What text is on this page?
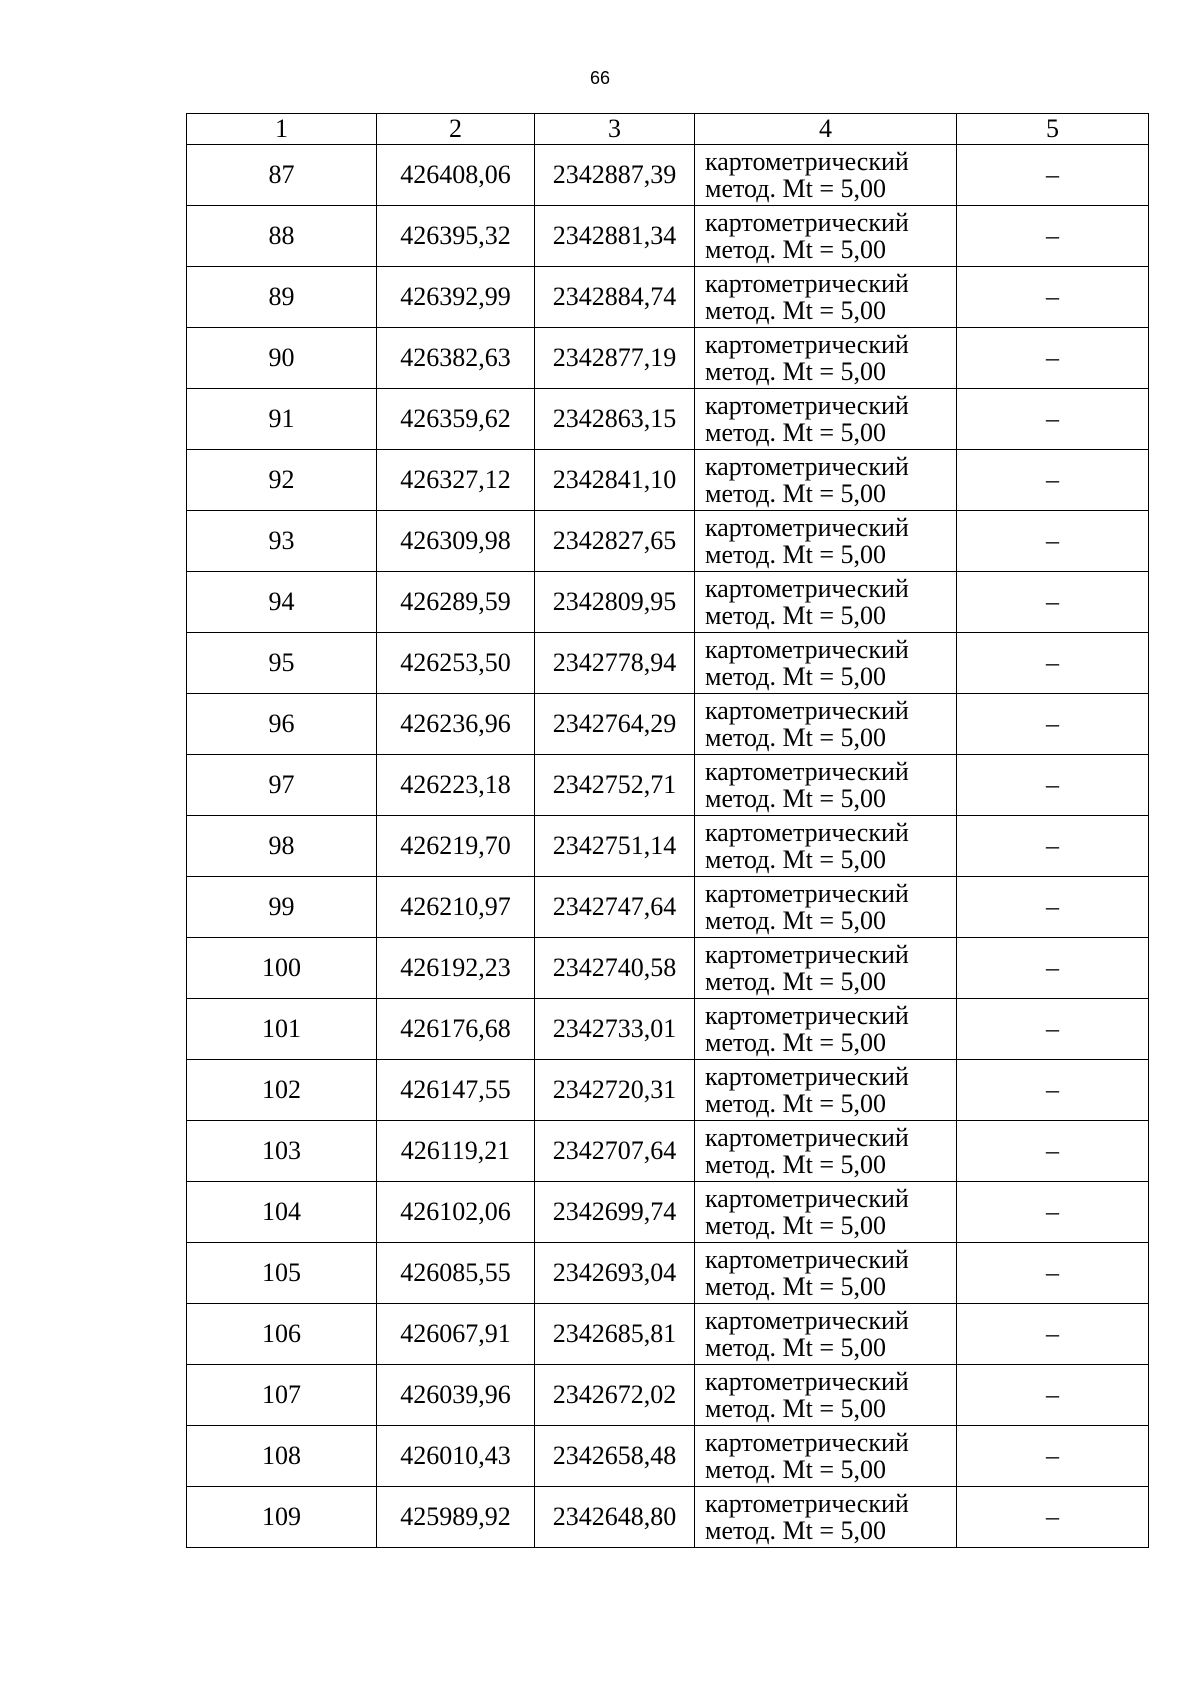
66
1	2	3	4	5
87	426408,06	2342887,39	картометрический
метод. Mt = 5,00	–
88	426395,32	2342881,34	картометрический
метод. Mt = 5,00	–
89	426392,99	2342884,74	картометрический
метод. Mt = 5,00	–
90	426382,63	2342877,19	картометрический
метод. Mt = 5,00	–
91	426359,62	2342863,15	картометрический
метод. Mt = 5,00	–
92	426327,12	2342841,10	картометрический
метод. Mt = 5,00	–
93	426309,98	2342827,65	картометрический
метод. Mt = 5,00	–
94	426289,59	2342809,95	картометрический
метод. Mt = 5,00	–
95	426253,50	2342778,94	картометрический
метод. Mt = 5,00	–
96	426236,96	2342764,29	картометрический
метод. Mt = 5,00	–
97	426223,18	2342752,71	картометрический
метод. Mt = 5,00	–
98	426219,70	2342751,14	картометрический
метод. Mt = 5,00	–
99	426210,97	2342747,64	картометрический
метод. Mt = 5,00	–
100	426192,23	2342740,58	картометрический
метод. Mt = 5,00	–
101	426176,68	2342733,01	картометрический
метод. Mt = 5,00	–
102	426147,55	2342720,31	картометрический
метод. Mt = 5,00	–
103	426119,21	2342707,64	картометрический
метод. Mt = 5,00	–
104	426102,06	2342699,74	картометрический
метод. Mt = 5,00	–
105	426085,55	2342693,04	картометрический
метод. Mt = 5,00	–
106	426067,91	2342685,81	картометрический
метод. Mt = 5,00	–
107	426039,96	2342672,02	картометрический
метод. Mt = 5,00	–
108	426010,43	2342658,48	картометрический
метод. Mt = 5,00	–
109	425989,92	2342648,80	картометрический
метод. Mt = 5,00	–
